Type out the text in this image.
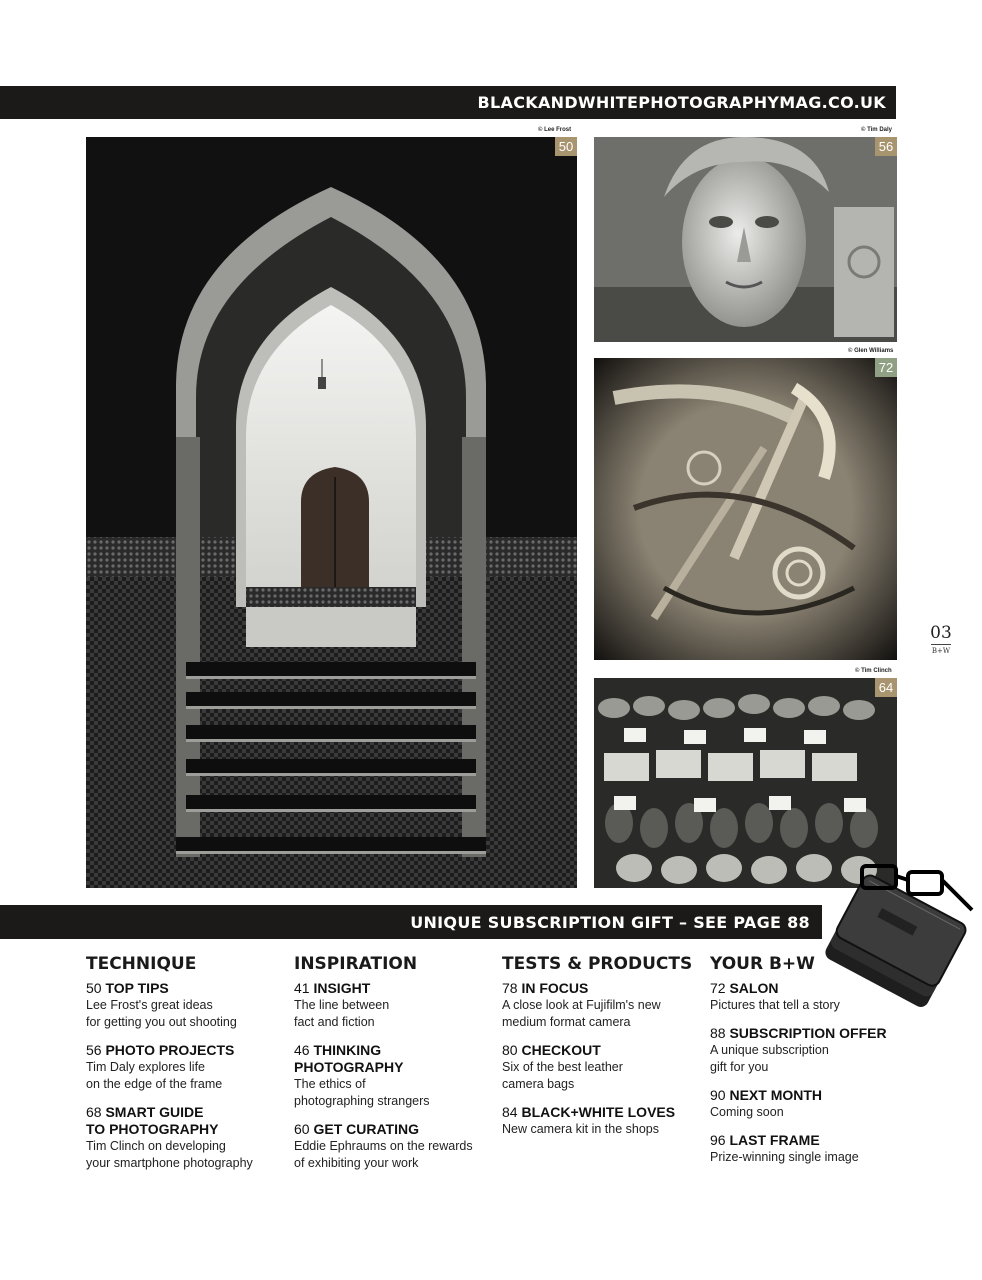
BLACKANDWHITEPHOTOGRAPHYMAG.CO.UK
© Lee Frost
50
© Tim Daly
56
© Glen Williams
72
© Tim Clinch
64
03
B+W
UNIQUE SUBSCRIPTION GIFT – SEE PAGE 88
TECHNIQUE
50 TOP TIPS
Lee Frost's great ideas
for getting you out shooting
56 PHOTO PROJECTS
Tim Daly explores life
on the edge of the frame
68 SMART GUIDE
TO PHOTOGRAPHY
Tim Clinch on developing
your smartphone photography
INSPIRATION
41 INSIGHT
The line between
fact and fiction
46 THINKING
PHOTOGRAPHY
The ethics of
photographing strangers
60 GET CURATING
Eddie Ephraums on the rewards
of exhibiting your work
TESTS & PRODUCTS
78 IN FOCUS
A close look at Fujifilm's new
medium format camera
80 CHECKOUT
Six of the best leather
camera bags
84 BLACK+WHITE LOVES
New camera kit in the shops
YOUR B+W
72 SALON
Pictures that tell a story
88 SUBSCRIPTION OFFER
A unique subscription
gift for you
90 NEXT MONTH
Coming soon
96 LAST FRAME
Prize-winning single image
